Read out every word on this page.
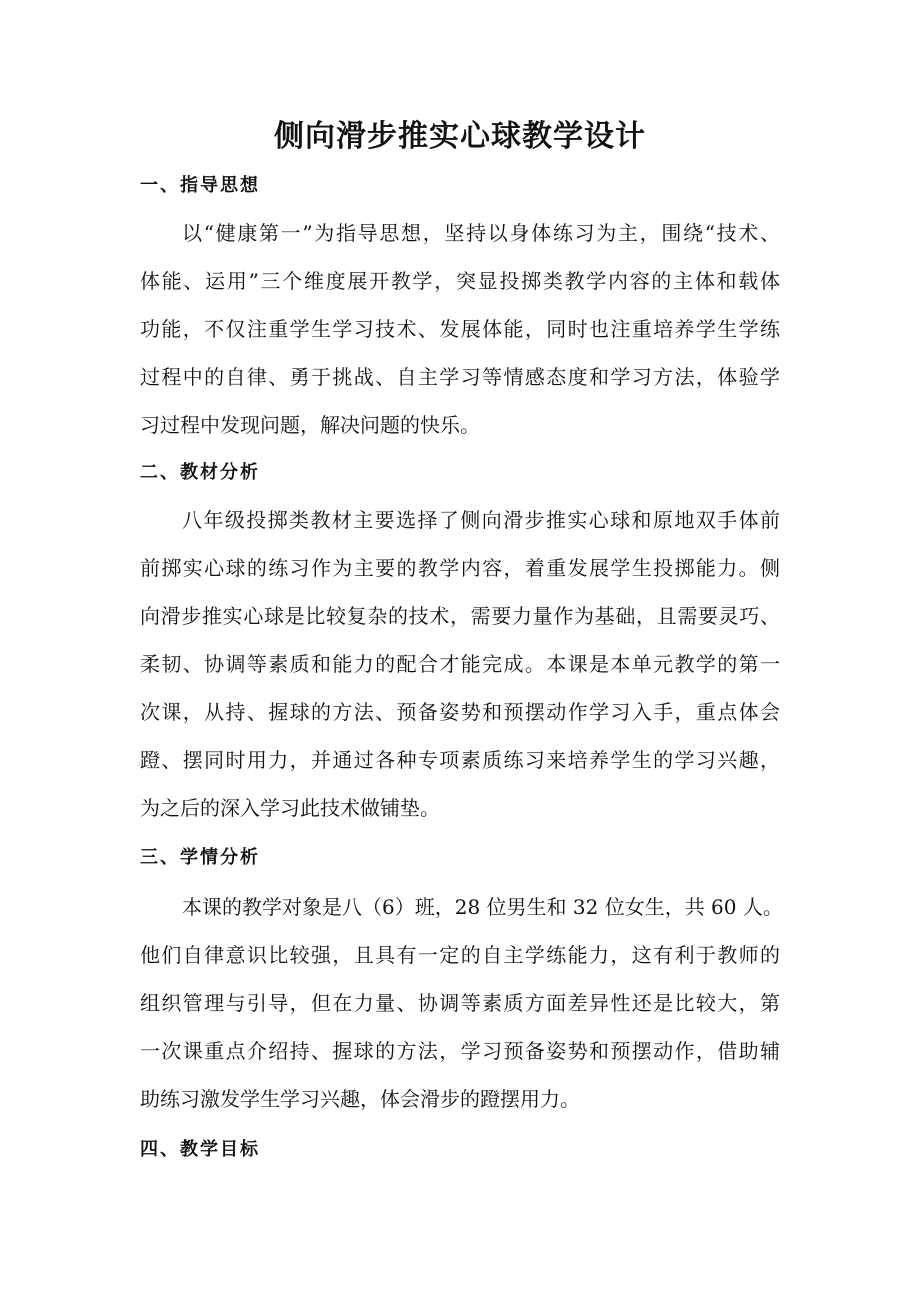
侧向滑步推实心球教学设计
一、指导思想
以“健康第一”为指导思想，坚持以身体练习为主，围绕“技术、
体能、运用”三个维度展开教学，突显投掷类教学内容的主体和载体
功能，不仅注重学生学习技术、发展体能，同时也注重培养学生学练
过程中的自律、勇于挑战、自主学习等情感态度和学习方法，体验学
习过程中发现问题，解决问题的快乐。
二、教材分析
八年级投掷类教材主要选择了侧向滑步推实心球和原地双手体前
前掷实心球的练习作为主要的教学内容，着重发展学生投掷能力。侧
向滑步推实心球是比较复杂的技术，需要力量作为基础，且需要灵巧、
柔韧、协调等素质和能力的配合才能完成。本课是本单元教学的第一
次课，从持、握球的方法、预备姿势和预摆动作学习入手，重点体会
蹬、摆同时用力，并通过各种专项素质练习来培养学生的学习兴趣，
为之后的深入学习此技术做铺垫。
三、学情分析
本课的教学对象是八（6）班，28 位男生和 32 位女生，共 60 人。
他们自律意识比较强，且具有一定的自主学练能力，这有利于教师的
组织管理与引导，但在力量、协调等素质方面差异性还是比较大，第
一次课重点介绍持、握球的方法，学习预备姿势和预摆动作，借助辅
助练习激发学生学习兴趣，体会滑步的蹬摆用力。
四、教学目标
